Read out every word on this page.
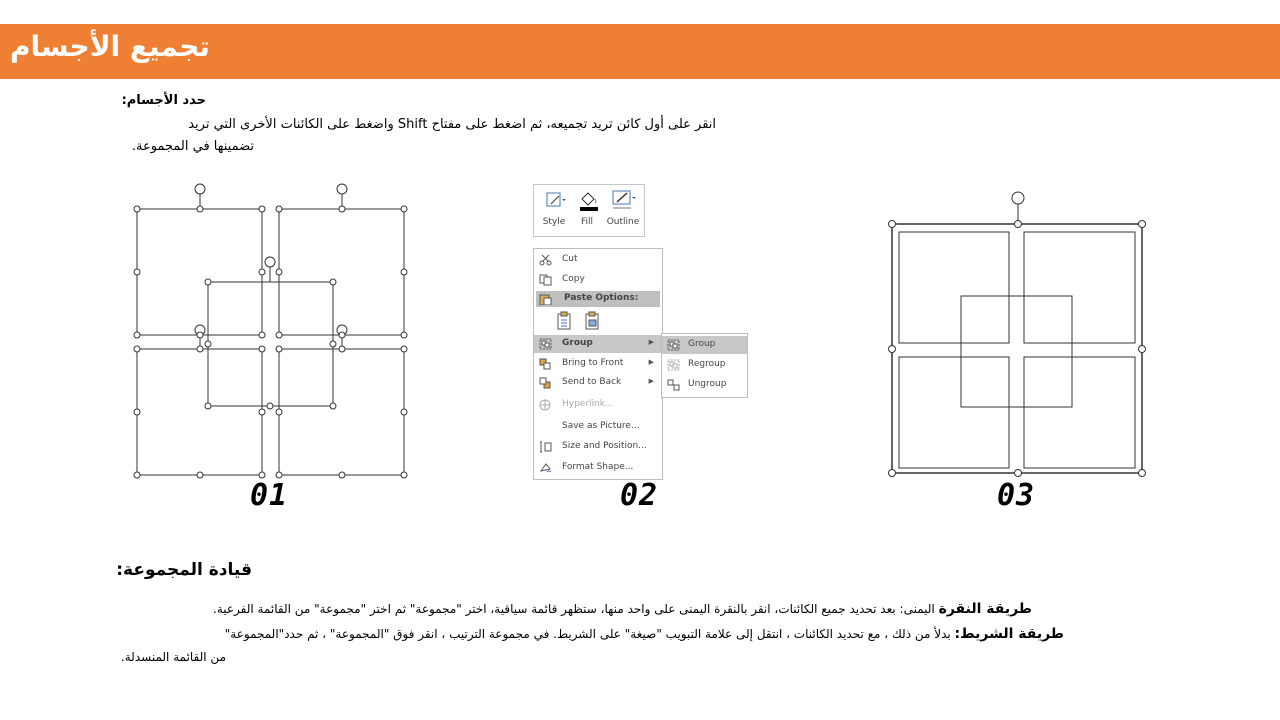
تجميع الأجسام
حدد الأجسام:
انقر على أول كائن تريد تجميعه، ثم اضغط على مفتاح Shift واضغط على الكائنات الأخرى التي تريد
تضمينها في المجموعة.
01
Style	Fill	Outline
Cut
Copy
Paste Options:
Group	▶
Bring to Front	▶
Send to Back	▶
Hyperlink...
Save as Picture...
Size and Position...
Format Shape...
Group
Regroup
Ungroup
02	03
قيادة المجموعة:
طريقة النقرة اليمنى: بعد تحديد جميع الكائنات، انقر بالنقرة اليمنى على واحد منها، ستظهر قائمة سياقية، اختر "مجموعة" ثم اختر "مجموعة" من القائمة الفرعية.
طريقة الشريط: بدلأ من ذلك ، مع تحديد الكائنات ، انتقل إلى علامة التبويب "صيغة" على الشريط. في مجموعة الترتيب ، انقر فوق "المجموعة" ، ثم حدد"المجموعة"
من القائمة المنسدلة.
